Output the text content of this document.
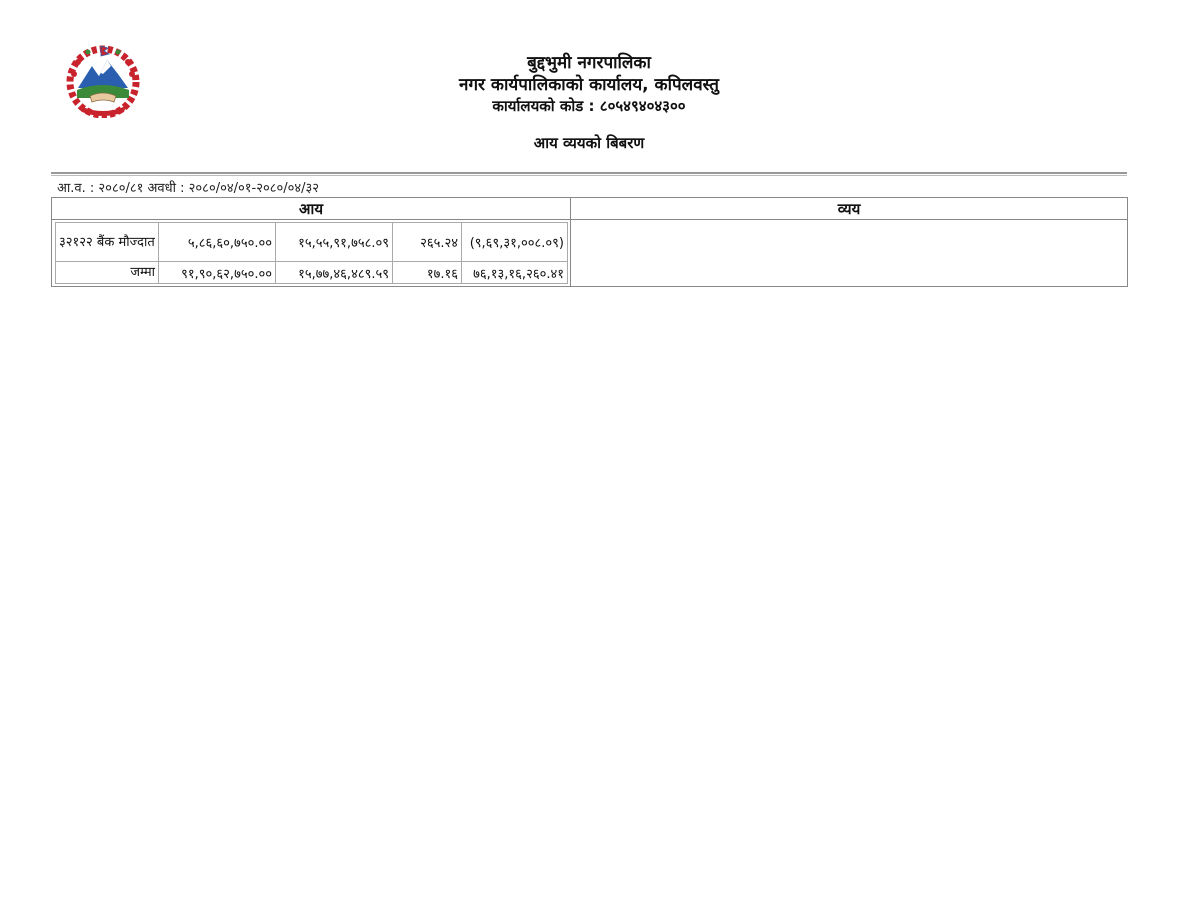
बुद्दभुमी नगरपालिका

नगर कार्यपालिकाको कार्यालय, कपिलवस्तु

कार्यालयको कोड : ८०५४९४०४३००

आय व्ययको बिबरण
आ.व. : २०८०/८१ अवधी : २०८०/०४/०१-२०८०/०४/३२
आय	व्यय

३२१२२ बैंक मौज्दात	५,८६,६०,७५०.००	१५,५५,९१,७५८.०९	२६५.२४	(९,६९,३१,००८.०९)
जम्मा	९१,९०,६२,७५०.००	१५,७७,४६,४८९.५९	१७.१६	७६,१३,१६,२६०.४१
